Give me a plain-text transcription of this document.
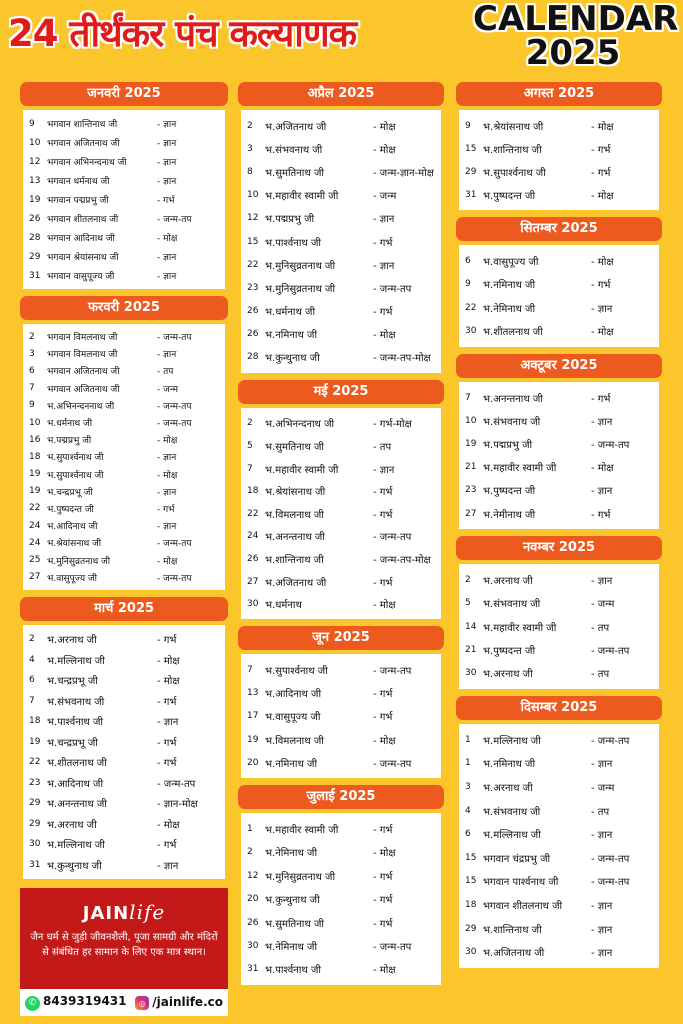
24 तीर्थंकर पंच कल्याणक	CALENDAR
2025
जनवरी 2025
9	भगवान शान्तिनाथ जी	- ज्ञान
10 भगवान अजितनाथ जी	- ज्ञान
12 भगवान अभिनन्दनाथ जी	- ज्ञान
13 भगवान धर्मनाथ जी	- ज्ञान
19 भगवान पद्मप्रभु जी	- गर्भ
26 भगवान शीतलनाथ जी	- जन्म-तप
28 भगवान आदिनाथ जी	- मोक्ष
29 भगवान श्रेयांसनाथ जी	- ज्ञान
31 भगवान वासुपूज्य जी	- ज्ञान
फरवरी 2025
2	भगवान विमलनाथ जी	- जन्म-तप
3	भगवान विमलनाथ जी	- ज्ञान
6	भगवान अजितनाथ जी	- तप
7	भगवान अजितनाथ जी	- जन्म
9	भ.अभिनन्दननाथ जी	- जन्म-तप
10 भ.धर्मनाथ जी	- जन्म-तप
16 भ.पद्मप्रभु जी	- मोक्ष
18 भ.सुपार्श्वनाथ जी	- ज्ञान
19 भ.सुपार्श्वनाथ जी	- मोक्ष
19 भ.चन्द्रप्रभू जी	- ज्ञान
22 भ.पुष्पदन्त जी	- गर्भ
24 भ.आदिनाथ जी	- ज्ञान
24 भ.श्रेयांसनाथ जी	- जन्म-तप
25 भ.मुनिसुव्रतनाथ जी	- मोक्ष
27 भ.वासुपूज्य जी	- जन्म-तप
मार्च 2025
2	भ.अरनाथ जी	- गर्भ
4	भ.मल्लिनाथ जी	- मोक्ष
6	भ.चन्द्रप्रभू जी	- मोक्ष
7	भ.संभवनाथ जी	- गर्भ
18 भ.पार्श्वनाथ जी	- ज्ञान
19 भ.चन्द्रप्रभू जी	- गर्भ
22 भ.शीतलनाथ जी	- गर्भ
23 भ.आदिनाथ जी	- जन्म-तप
29 भ.अनन्तनाथ जी	- ज्ञान-मोक्ष
29 भ.अरनाथ जी	- मोक्ष
30 भ.मल्लिनाथ जी	- गर्भ
31 भ.कुन्थुनाथ जी	- ज्ञान
अप्रैल 2025
2	भ.अजितनाथ जी	- मोक्ष
3	भ.संभवनाथ जी	- मोक्ष
8	भ.सुमतिनाथ जी	- जन्म-ज्ञान-मोक्ष
10 भ.महावीर स्वामी जी	- जन्म
12 भ.पद्मप्रभु जी	- ज्ञान
15 भ.पार्श्वनाथ जी	- गर्भ
22 भ.मुनिसुव्रतनाथ जी	- ज्ञान
23 भ.मुनिसुव्रतनाथ जी	- जन्म-तप
26 भ.धर्मनाथ जी	- गर्भ
26 भ.नमिनाथ जी	- मोक्ष
28 भ.कुन्थुनाथ जी	- जन्म-तप-मोक्ष
मई 2025
2	भ.अभिनन्दनाथ जी	- गर्भ-मोक्ष
5	भ.सुमतिनाथ जी	- तप
7	भ.महावीर स्वामी जी	- ज्ञान
18 भ.श्रेयांसनाथ जी	- गर्भ
22 भ.विमलनाथ जी	- गर्भ
24 भ.अनन्तनाथ जी	- जन्म-तप
26 भ.शान्तिनाथ जी	- जन्म-तप-मोक्ष
27 भ.अजितनाथ जी	- गर्भ
30 भ.धर्मनाथ	- मोक्ष
जून 2025
7	भ.सुपार्श्वनाथ जी	- जन्म-तप
13 भ.आदिनाथ जी	- गर्भ
17 भ.वासुपूज्य जी	- गर्भ
19 भ.विमलनाथ जी	- मोक्ष
20 भ.नमिनाथ जी	- जन्म-तप
जुलाई 2025
1	भ.महावीर स्वामी जी	- गर्भ
2	भ.नेमिनाथ जी	- मोक्ष
12 भ.मुनिसुव्रतनाथ जी	- गर्भ
20 भ.कुन्थुनाथ जी	- गर्भ
26 भ.सुमतिनाथ जी	- गर्भ
30 भ.नेमिनाथ जी	- जन्म-तप
31 भ.पार्श्वनाथ जी	- मोक्ष
अगस्त 2025
9	भ.श्रेयांसनाथ जी	- मोक्ष
15 भ.शान्तिनाथ जी	- गर्भ
29 भ.सुपार्श्वनाथ जी	- गर्भ
31 भ.पुष्पदन्त जी	- मोक्ष
सितम्बर 2025
6	भ.वासुपूज्य जी	- मोक्ष
9	भ.नमिनाथ जी	- गर्भ
22 भ.नेमिनाथ जी	- ज्ञान
30 भ.शीतलनाथ जी	- मोक्ष
अक्टूबर 2025
7	भ.अनन्तनाथ जी	- गर्भ
10 भ.संभवनाथ जी	- ज्ञान
19 भ.पद्मप्रभु जी	- जन्म-तप
21 भ.महावीर स्वामी जी	- मोक्ष
23 भ.पुष्पदन्त जी	- ज्ञान
27 भ.नेमीनाथ जी	- गर्भ
नवम्बर 2025
2	भ.अरनाथ जी	- ज्ञान
5	भ.संभवनाथ जी	- जन्म
14 भ.महावीर स्वामी जी	- तप
21 भ.पुष्पदन्त जी	- जन्म-तप
30 भ.अरनाथ जी	- तप
दिसम्बर 2025
1	भ.मल्लिनाथ जी	- जन्म-तप
1	भ.नमिनाथ जी	- ज्ञान
3	भ.अरनाथ जी	- जन्म
4	भ.संभवनाथ जी	- तप
6	भ.मल्लिनाथ जी	- ज्ञान
15 भगवान चंद्रप्रभु जी	- जन्म-तप
15 भगवान पार्श्वनाथ जी	- जन्म-तप
18 भगवान शीतलनाथ जी	- ज्ञान
29 भ.शान्तिनाथ जी	- ज्ञान
30 भ.अजितनाथ जी	- ज्ञान
JAINlife
जैन धर्म से जुड़ी जीवनशैली, पूजा सामग्री और मंदिरों से संबंधित हर सामान के लिए एक मात्र स्थान।
✆ 8439319431	◎ /jainlife.co
